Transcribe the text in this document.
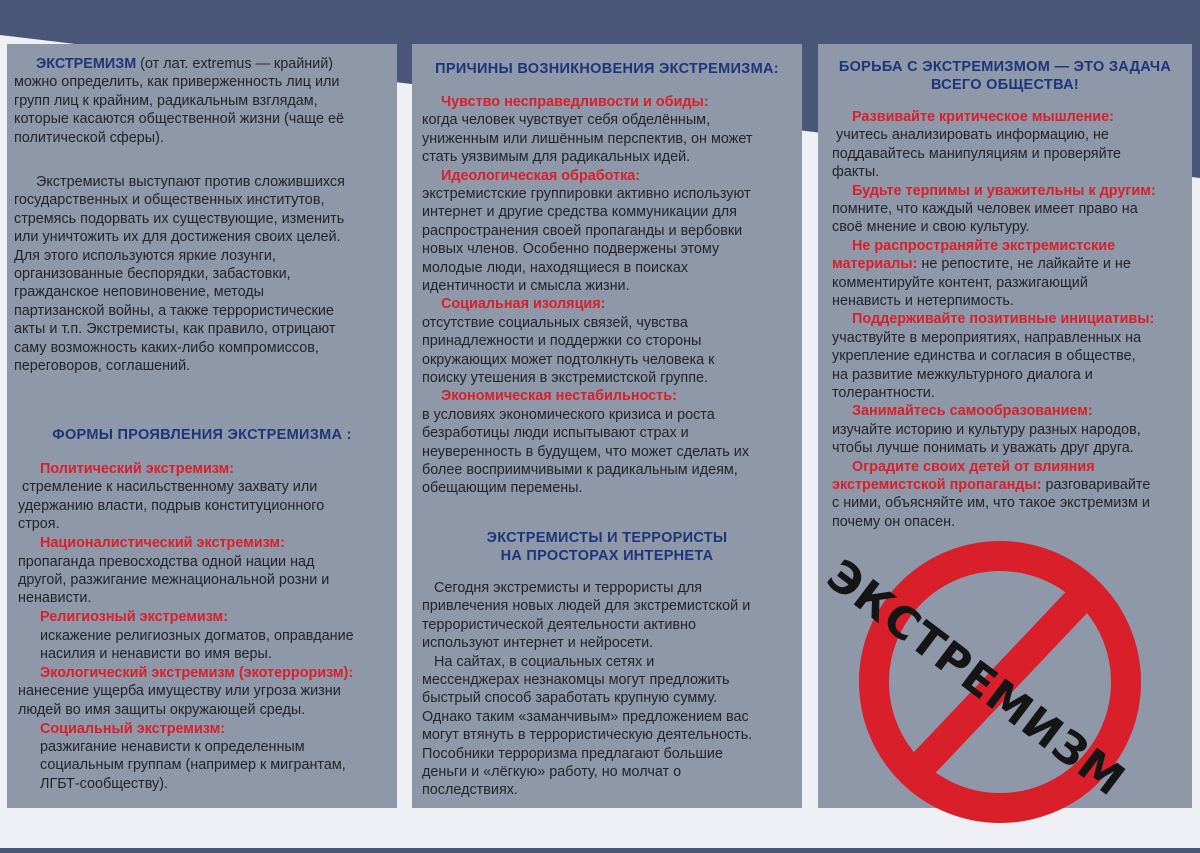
ЭКСТРЕМИЗМ (от лат. extremus — крайний)
можно определить, как приверженность лиц или
групп лиц к крайним, радикальным взглядам,
которые касаются общественной жизни (чаще её
политической сферы).
Экстремисты выступают против сложившихся
государственных и общественных институтов,
стремясь подорвать их существующие, изменить
или уничтожить их для достижения своих целей.
Для этого используются яркие лозунги,
организованные беспорядки, забастовки,
гражданское неповиновение, методы
партизанской войны, а также террористические
акты и т.п. Экстремисты, как правило, отрицают
саму возможность каких-либо компромиссов,
переговоров, соглашений.
ФОРМЫ ПРОЯВЛЕНИЯ ЭКСТРЕМИЗМА :
Политический экстремизм:
стремление к насильственному захвату или
удержанию власти, подрыв конституционного
строя.
Националистический экстремизм:
пропаганда превосходства одной нации над
другой, разжигание межнациональной розни и
ненависти.
Религиозный экстремизм:
искажение религиозных догматов, оправдание
насилия и ненависти во имя веры.
Экологический экстремизм (экотерроризм):
нанесение ущерба имуществу или угроза жизни
людей во имя защиты окружающей среды.
Социальный экстремизм:
разжигание ненависти к определенным
социальным группам (например к мигрантам,
ЛГБТ-сообществу).
ПРИЧИНЫ ВОЗНИКНОВЕНИЯ ЭКСТРЕМИЗМА:
Чувство несправедливости и обиды:
когда человек чувствует себя обделённым,
униженным или лишённым перспектив, он может
стать уязвимым для радикальных идей.
Идеологическая обработка:
экстремистские группировки активно используют
интернет и другие средства коммуникации для
распространения своей пропаганды и вербовки
новых членов. Особенно подвержены этому
молодые люди, находящиеся в поисках
идентичности и смысла жизни.
Социальная изоляция:
отсутствие социальных связей, чувства
принадлежности и поддержки со стороны
окружающих может подтолкнуть человека к
поиску утешения в экстремистской группе.
Экономическая нестабильность:
в условиях экономического кризиса и роста
безработицы люди испытывают страх и
неуверенность в будущем, что может сделать их
более восприимчивыми к радикальным идеям,
обещающим перемены.
ЭКСТРЕМИСТЫ И ТЕРРОРИСТЫ
НА ПРОСТОРАХ ИНТЕРНЕТА
Сегодня экстремисты и террористы для
привлечения новых людей для экстремистской и
террористической деятельности активно
используют интернет и нейросети.
На сайтах, в социальных сетях и
мессенджерах незнакомцы могут предложить
быстрый способ заработать крупную сумму.
Однако таким «заманчивым» предложением вас
могут втянуть в террористическую деятельность.
Пособники терроризма предлагают большие
деньги и «лёгкую» работу, но молчат о
последствиях.
БОРЬБА С ЭКСТРЕМИЗМОМ — ЭТО ЗАДАЧА
ВСЕГО ОБЩЕСТВА!
Развивайте критическое мышление:
учитесь анализировать информацию, не
поддавайтесь манипуляциям и проверяйте
факты.
Будьте терпимы и уважительны к другим:
помните, что каждый человек имеет право на
своё мнение и свою культуру.
Не распространяйте экстремистские
материалы: не репостите, не лайкайте и не
комментируйте контент, разжигающий
ненависть и нетерпимость.
Поддерживайте позитивные инициативы:
участвуйте в мероприятиях, направленных на
укрепление единства и согласия в обществе,
на развитие межкультурного диалога и
толерантности.
Занимайтесь самообразованием:
изучайте историю и культуру разных народов,
чтобы лучше понимать и уважать друг друга.
Оградите своих детей от влияния
экстремистской пропаганды: разговаривайте
с ними, объясняйте им, что такое экстремизм и
почему он опасен.
ЭКСТРЕМИЗМ
